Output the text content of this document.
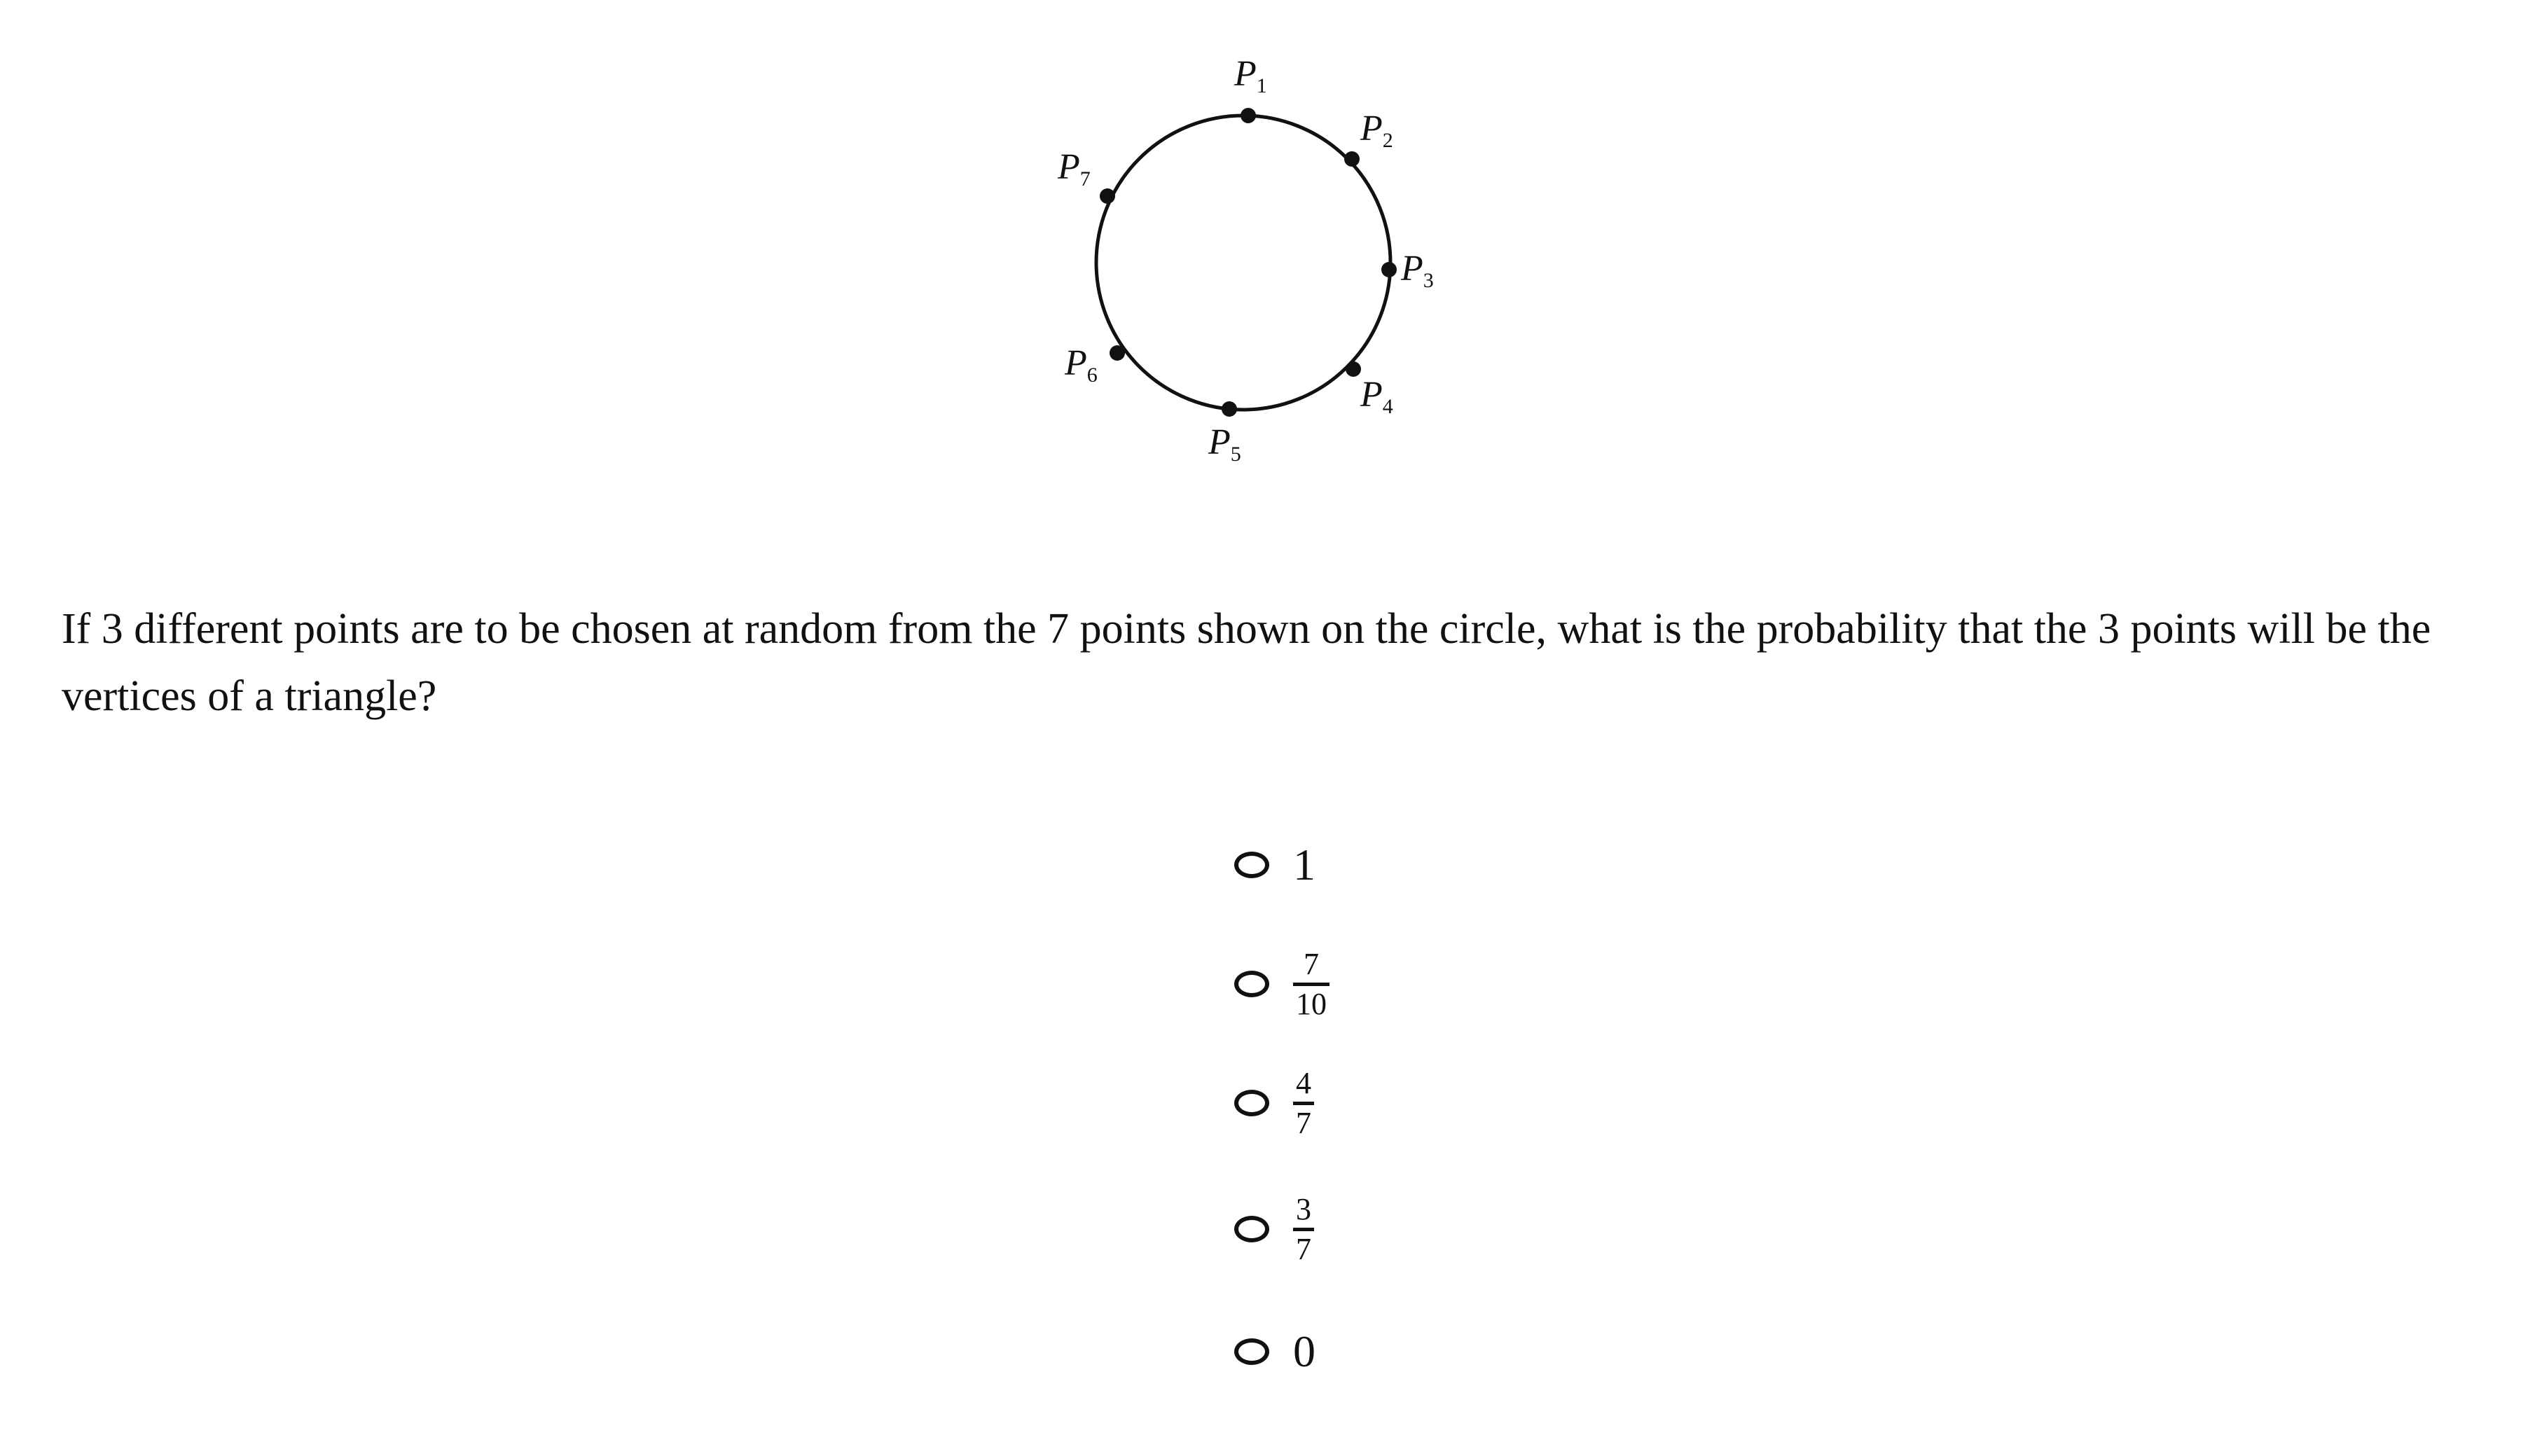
P1
P2
P3
P4
P5
P6
P7

If 3 different points are to be chosen at random from the 7 points shown on the circle, what is the probability that the 3 points will be the vertices of a triangle?

1
7
10
4
7
3
7
0
